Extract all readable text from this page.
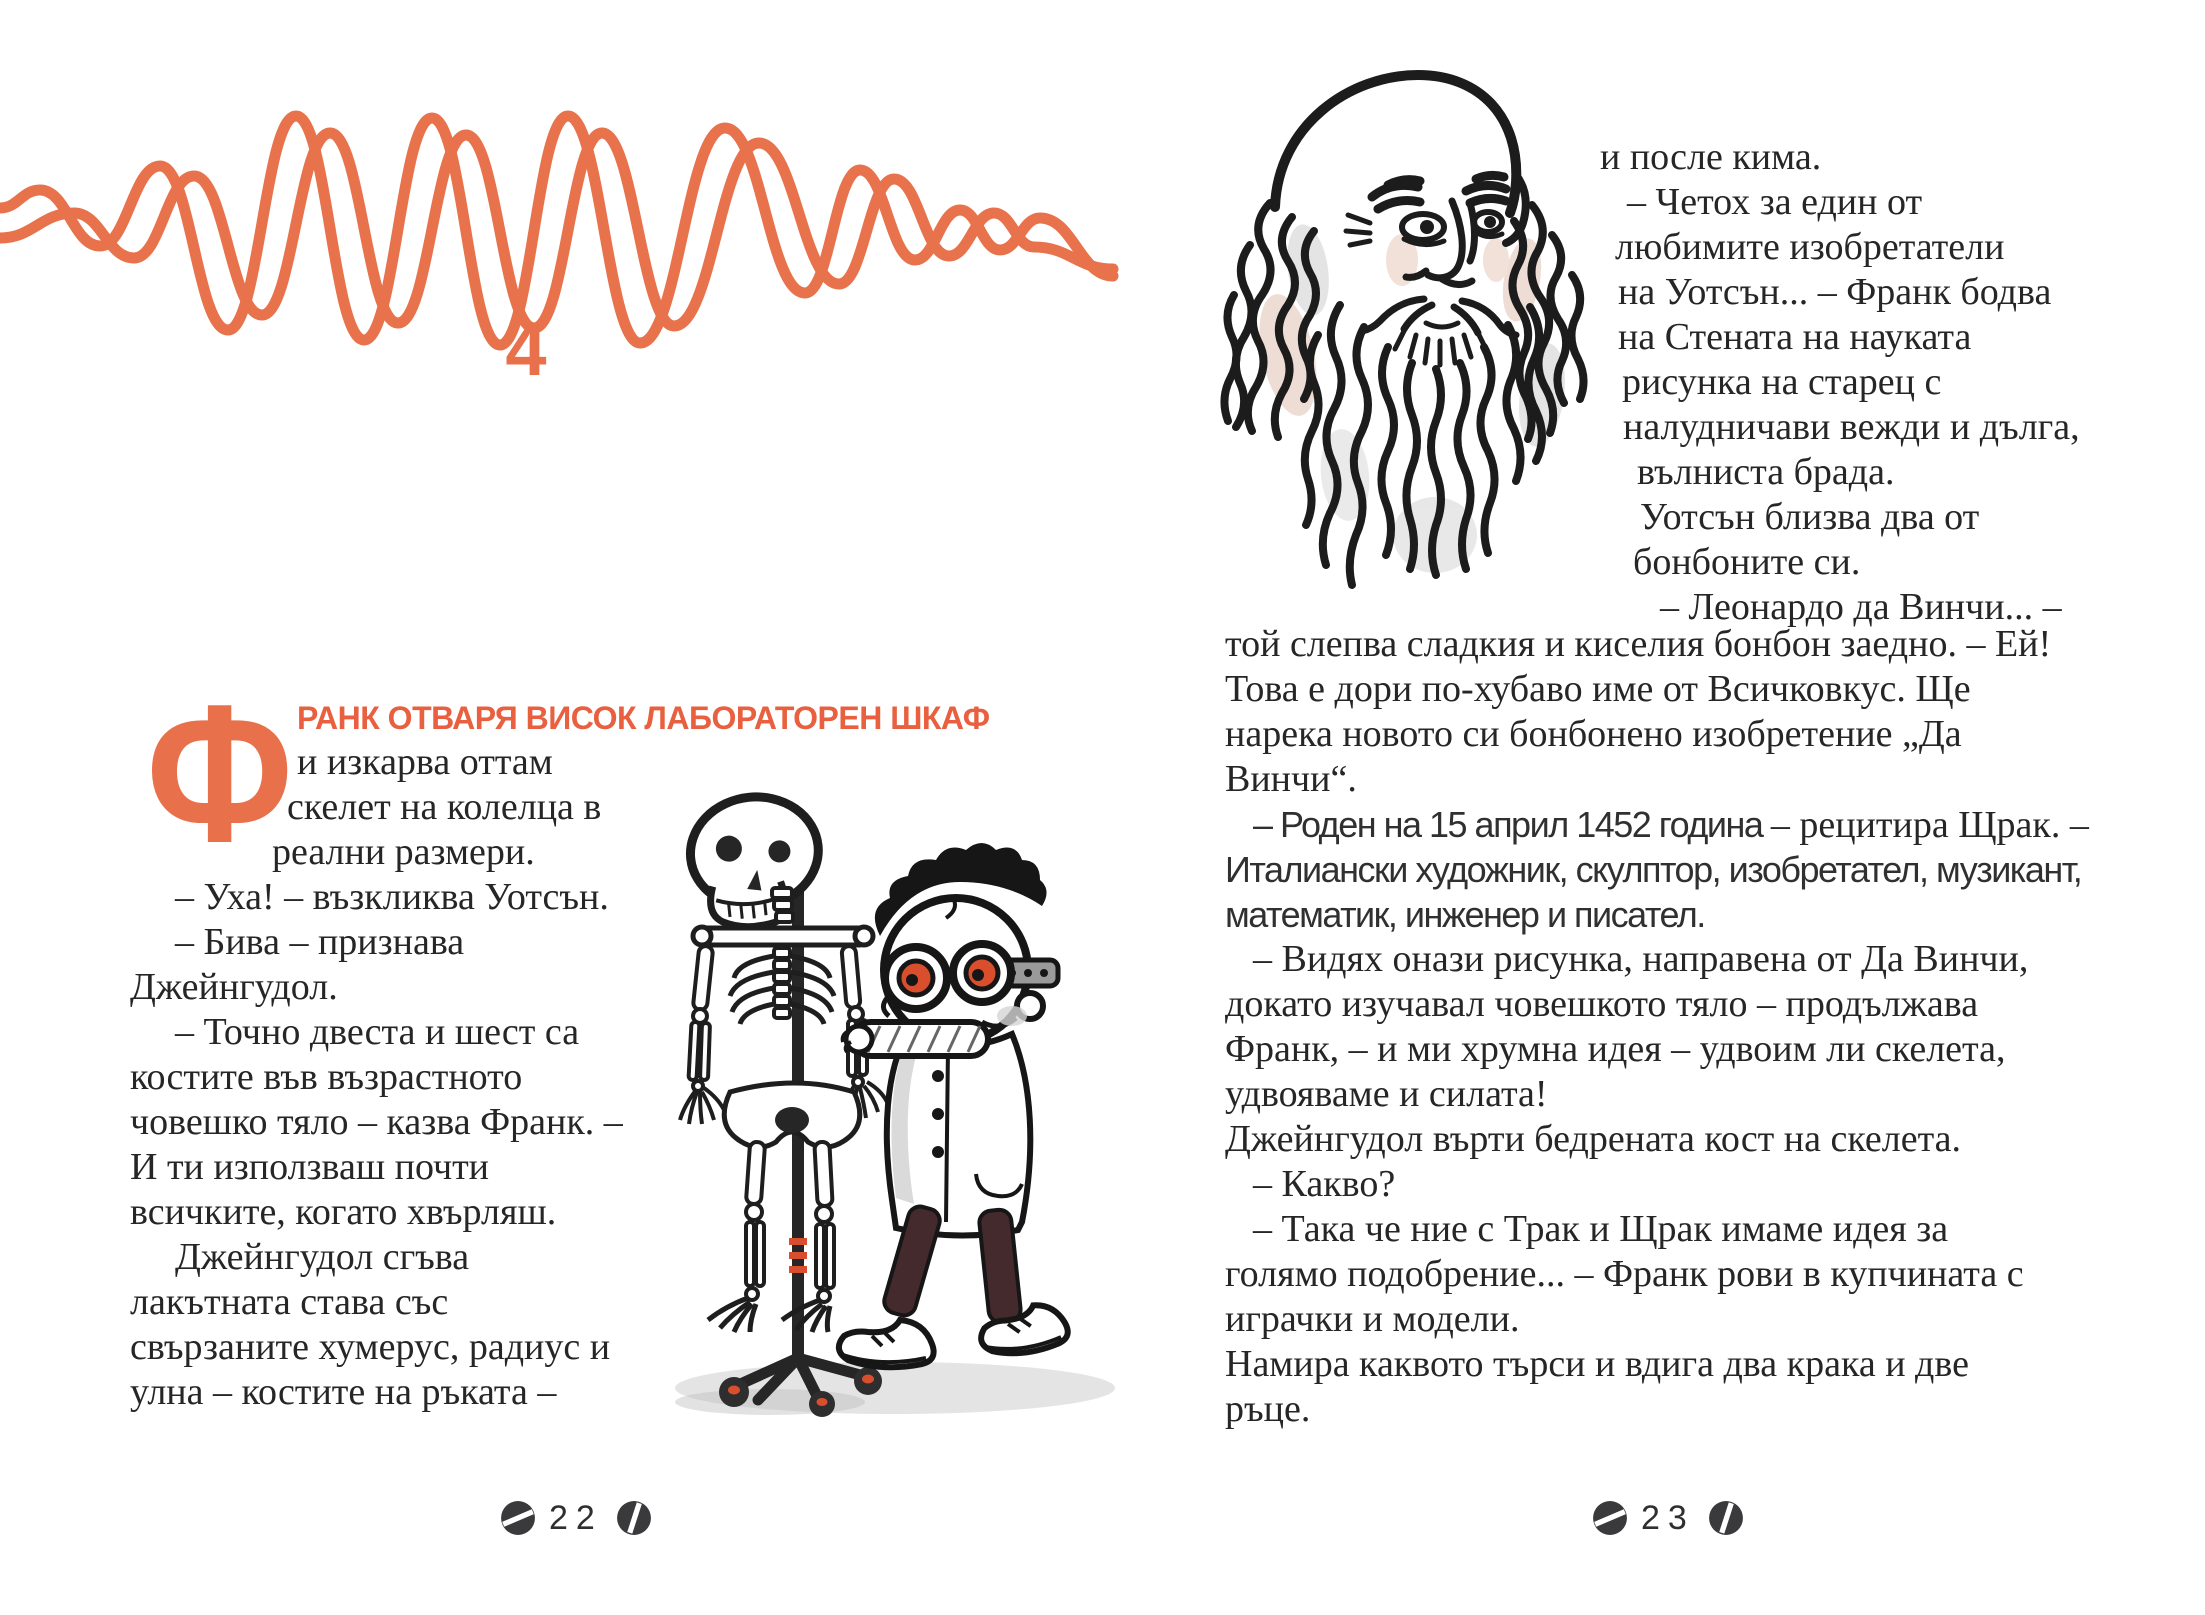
4
Ф РАНК ОТВАРЯ ВИСОК ЛАБОРАТОРЕН ШКАФ
и изкарва оттам
скелет на колелца в
реални размери.
– Уха! – възкликва Уотсън.
– Бива – признава
Джейнгудол.
– Точно двеста и шест са
костите във възрастното
човешко тяло – казва Франк. –
И ти използваш почти
всичките, когато хвърляш.
Джейнгудол сгъва
лакътната става със
свързаните хумерус, радиус и
улна – костите на ръката –
22
и после кима.
– Четох за един от
любимите изобретатели
на Уотсън... – Франк бодва
на Стената на науката
рисунка на старец с
налудничави вежди и дълга,
вълниста брада.
Уотсън близва два от
бонбоните си.
– Леонардо да Винчи... –
той слепва сладкия и киселия бонбон заедно. – Ей!
Това е дори по-хубаво име от Всичковкус. Ще
нарека новото си бонбонено изобретение „Да
Винчи“.
– Роден на 15 април 1452 година – рецитира Щрак. –
Италиански художник, скулптор, изобретател, музикант,
математик, инженер и писател.
– Видях онази рисунка, направена от Да Винчи,
докато изучавал човешкото тяло – продължава
Франк, – и ми хрумна идея – удвоим ли скелета,
удвояваме и силата!
Джейнгудол върти бедрената кост на скелета.
– Какво?
– Така че ние с Трак и Щрак имаме идея за
голямо подобрение... – Франк рови в купчината с
играчки и модели.
Намира каквото търси и вдига два крака и две
ръце.
23
